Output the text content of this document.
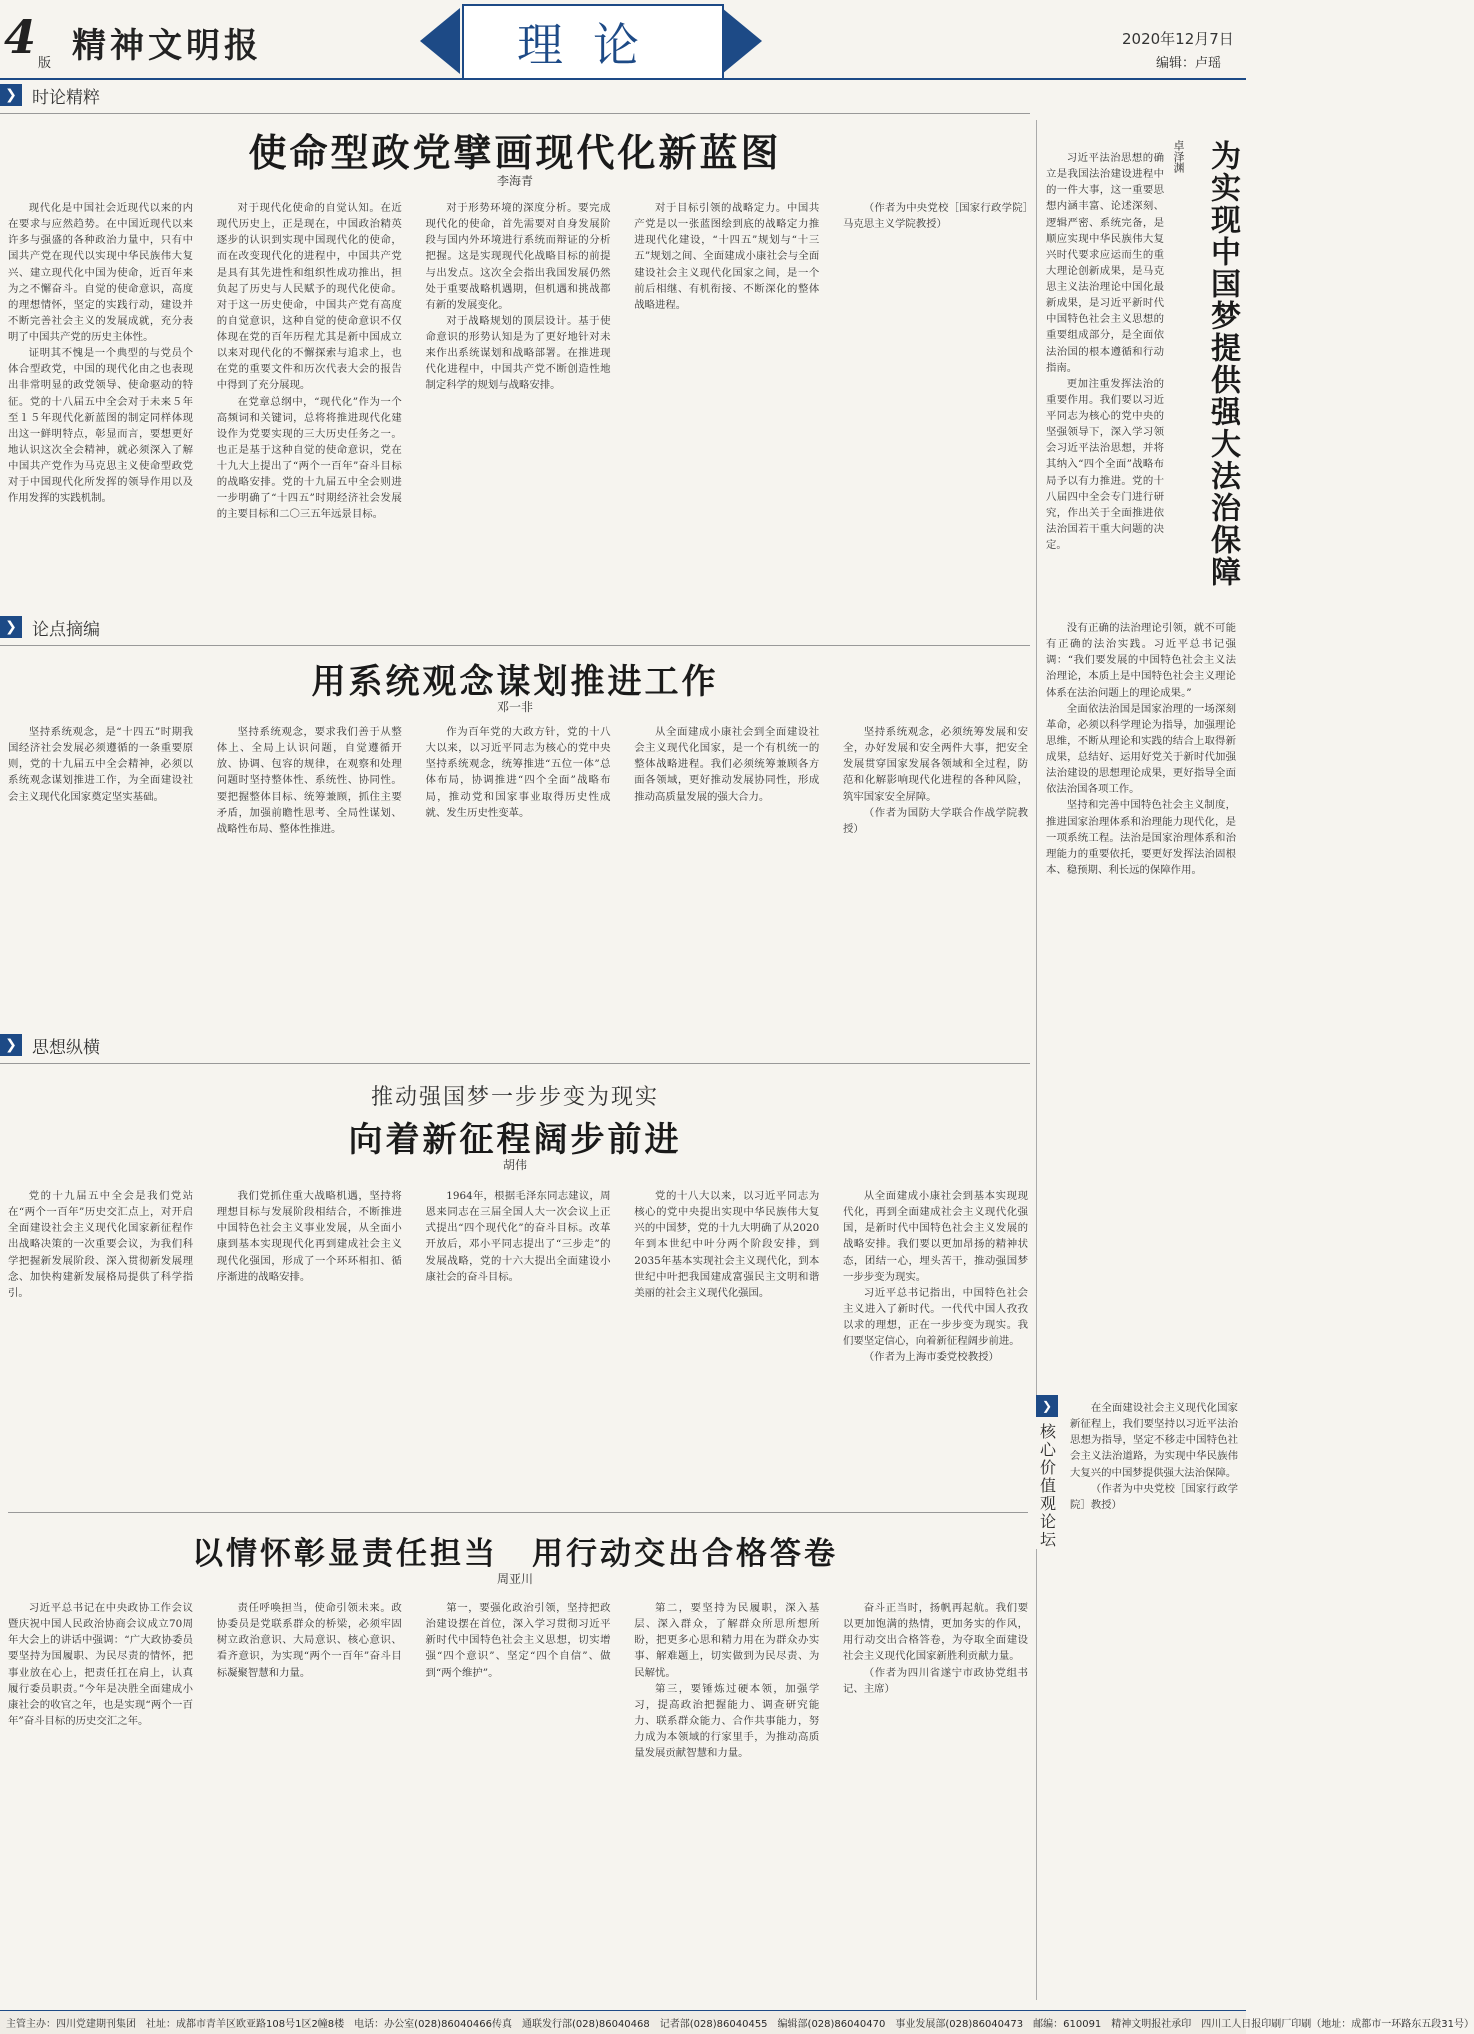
4 版 精神文明报	理论	2020年12月7日
编辑：卢瑶
❯ 时论精粹
使命型政党擘画现代化新蓝图
李海青

现代化是中国社会近现代以来的内在要求与应然趋势。在中国近现代以来许多与强盛的各种政治力量中，只有中国共产党在现代以实现中华民族伟大复兴、建立现代化中国为使命，近百年来为之不懈奋斗。自觉的使命意识，高度的理想情怀，坚定的实践行动，建设并不断完善社会主义的发展成就，充分表明了中国共产党的历史主体性。

证明其不愧是一个典型的与党员个体合型政党，中国的现代化由之也表现出非常明显的政党领导、使命驱动的特征。党的十八届五中全会对于未来５年至１５年现代化新蓝图的制定同样体现出这一鲜明特点，彰显而言，要想更好地认识这次全会精神，就必须深入了解中国共产党作为马克思主义使命型政党对于中国现代化所发挥的领导作用以及作用发挥的实践机制。

对于现代化使命的自觉认知。在近现代历史上，正是现在，中国政治精英逐步的认识到实现中国现代化的使命，而在改变现代化的进程中，中国共产党是具有其先进性和组织性成功推出，担负起了历史与人民赋予的现代化使命。对于这一历史使命，中国共产党有高度的自觉意识，这种自觉的使命意识不仅体现在党的百年历程尤其是新中国成立以来对现代化的不懈探索与追求上，也在党的重要文件和历次代表大会的报告中得到了充分展现。

在党章总纲中，“现代化”作为一个高频词和关键词，总将将推进现代化建设作为党要实现的三大历史任务之一。也正是基于这种自觉的使命意识，党在十九大上提出了“两个一百年”奋斗目标的战略安排。党的十九届五中全会则进一步明确了“十四五”时期经济社会发展的主要目标和二〇三五年远景目标。

对于形势环境的深度分析。要完成现代化的使命，首先需要对自身发展阶段与国内外环境进行系统而辩证的分析把握。这是实现现代化战略目标的前提与出发点。这次全会指出我国发展仍然处于重要战略机遇期，但机遇和挑战都有新的发展变化。

对于战略规划的顶层设计。基于使命意识的形势认知是为了更好地针对未来作出系统谋划和战略部署。在推进现代化进程中，中国共产党不断创造性地制定科学的规划与战略安排。

对于目标引领的战略定力。中国共产党是以一张蓝图绘到底的战略定力推进现代化建设，“十四五”规划与“十三五”规划之间、全面建成小康社会与全面建设社会主义现代化国家之间，是一个前后相继、有机衔接、不断深化的整体战略进程。

（作者为中央党校［国家行政学院］马克思主义学院教授）

❯ 论点摘编
用系统观念谋划推进工作
邓一非

坚持系统观念，是“十四五”时期我国经济社会发展必须遵循的一条重要原则，党的十九届五中全会精神，必须以系统观念谋划推进工作，为全面建设社会主义现代化国家奠定坚实基础。

坚持系统观念，要求我们善于从整体上、全局上认识问题，自觉遵循开放、协调、包容的规律，在观察和处理问题时坚持整体性、系统性、协同性。要把握整体目标、统筹兼顾，抓住主要矛盾，加强前瞻性思考、全局性谋划、战略性布局、整体性推进。

作为百年党的大政方针，党的十八大以来，以习近平同志为核心的党中央坚持系统观念，统筹推进“五位一体”总体布局，协调推进“四个全面”战略布局，推动党和国家事业取得历史性成就、发生历史性变革。

从全面建成小康社会到全面建设社会主义现代化国家，是一个有机统一的整体战略进程。我们必须统筹兼顾各方面各领域，更好推动发展协同性，形成推动高质量发展的强大合力。

坚持系统观念，必须统筹发展和安全，办好发展和安全两件大事，把安全发展贯穿国家发展各领域和全过程，防范和化解影响现代化进程的各种风险，筑牢国家安全屏障。

（作者为国防大学联合作战学院教授）

❯ 思想纵横
推动强国梦一步步变为现实
向着新征程阔步前进
胡伟

党的十九届五中全会是我们党站在“两个一百年”历史交汇点上，对开启全面建设社会主义现代化国家新征程作出战略决策的一次重要会议，为我们科学把握新发展阶段、深入贯彻新发展理念、加快构建新发展格局提供了科学指引。

我们党抓住重大战略机遇，坚持将理想目标与发展阶段相结合，不断推进中国特色社会主义事业发展，从全面小康到基本实现现代化再到建成社会主义现代化强国，形成了一个环环相扣、循序渐进的战略安排。

1964年，根据毛泽东同志建议，周恩来同志在三届全国人大一次会议上正式提出“四个现代化”的奋斗目标。改革开放后，邓小平同志提出了“三步走”的发展战略，党的十六大提出全面建设小康社会的奋斗目标。

党的十八大以来，以习近平同志为核心的党中央提出实现中华民族伟大复兴的中国梦，党的十九大明确了从2020年到本世纪中叶分两个阶段安排，到2035年基本实现社会主义现代化，到本世纪中叶把我国建成富强民主文明和谐美丽的社会主义现代化强国。

从全面建成小康社会到基本实现现代化，再到全面建成社会主义现代化强国，是新时代中国特色社会主义发展的战略安排。我们要以更加昂扬的精神状态，团结一心，埋头苦干，推动强国梦一步步变为现实。

习近平总书记指出，中国特色社会主义进入了新时代。一代代中国人孜孜以求的理想，正在一步步变为现实。我们要坚定信心，向着新征程阔步前进。

（作者为上海市委党校教授）

以情怀彰显责任担当　用行动交出合格答卷
周亚川

习近平总书记在中央政协工作会议暨庆祝中国人民政治协商会议成立70周年大会上的讲话中强调：“广大政协委员要坚持为国履职、为民尽责的情怀，把事业放在心上，把责任扛在肩上，认真履行委员职责。”今年是决胜全面建成小康社会的收官之年，也是实现“两个一百年”奋斗目标的历史交汇之年。

责任呼唤担当，使命引领未来。政协委员是党联系群众的桥梁，必须牢固树立政治意识、大局意识、核心意识、看齐意识，为实现“两个一百年”奋斗目标凝聚智慧和力量。

第一，要强化政治引领，坚持把政治建设摆在首位，深入学习贯彻习近平新时代中国特色社会主义思想，切实增强“四个意识”、坚定“四个自信”、做到“两个维护”。

第二，要坚持为民履职，深入基层、深入群众，了解群众所思所想所盼，把更多心思和精力用在为群众办实事、解难题上，切实做到为民尽责、为民解忧。

第三，要锤炼过硬本领，加强学习，提高政治把握能力、调查研究能力、联系群众能力、合作共事能力，努力成为本领域的行家里手，为推动高质量发展贡献智慧和力量。

奋斗正当时，扬帆再起航。我们要以更加饱满的热情，更加务实的作风，用行动交出合格答卷，为夺取全面建设社会主义现代化国家新胜利贡献力量。

（作者为四川省遂宁市政协党组书记、主席）

为实现中国梦提供强大法治保障
卓泽渊

习近平法治思想的确立是我国法治建设进程中的一件大事，这一重要思想内涵丰富、论述深刻、逻辑严密、系统完备，是顺应实现中华民族伟大复兴时代要求应运而生的重大理论创新成果，是马克思主义法治理论中国化最新成果，是习近平新时代中国特色社会主义思想的重要组成部分，是全面依法治国的根本遵循和行动指南。

更加注重发挥法治的重要作用。我们要以习近平同志为核心的党中央的坚强领导下，深入学习领会习近平法治思想，并将其纳入“四个全面”战略布局予以有力推进。党的十八届四中全会专门进行研究，作出关于全面推进依法治国若干重大问题的决定。

没有正确的法治理论引领，就不可能有正确的法治实践。习近平总书记强调：“我们要发展的中国特色社会主义法治理论，本质上是中国特色社会主义理论体系在法治问题上的理论成果。”

全面依法治国是国家治理的一场深刻革命，必须以科学理论为指导，加强理论思维，不断从理论和实践的结合上取得新成果，总结好、运用好党关于新时代加强法治建设的思想理论成果，更好指导全面依法治国各项工作。

坚持和完善中国特色社会主义制度，推进国家治理体系和治理能力现代化，是一项系统工程。法治是国家治理体系和治理能力的重要依托，要更好发挥法治固根本、稳预期、利长远的保障作用。

❯
核心价值观论坛

在全面建设社会主义现代化国家新征程上，我们要坚持以习近平法治思想为指导，坚定不移走中国特色社会主义法治道路，为实现中华民族伟大复兴的中国梦提供强大法治保障。

（作者为中央党校［国家行政学院］教授）

主管主办：四川党建期刊集团　社址：成都市青羊区欧亚路108号1区2幢8楼　电话：办公室(028)86040466传真　通联发行部(028)86040468　记者部(028)86040455　编辑部(028)86040470　事业发展部(028)86040473　邮编：610091　精神文明报社承印　四川工人日报印刷厂印刷（地址：成都市一环路东五段31号）
